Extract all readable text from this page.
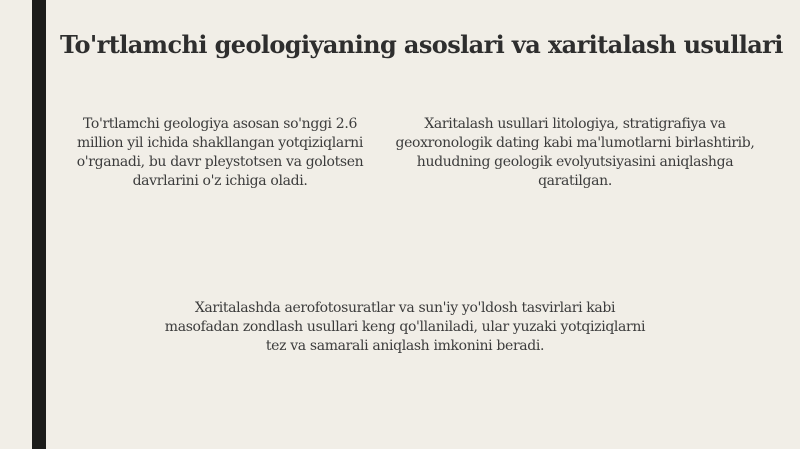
To'rtlamchi geologiyaning asoslari va xaritalash usullari

To'rtlamchi geologiya asosan so'nggi 2.6 million yil ichida shakllangan yotqiziqlarni o'rganadi, bu davr pleystotsen va golotsen davrlarini o'z ichiga oladi.

Xaritalash usullari litologiya, stratigrafiya va geoxronologik dating kabi ma'lumotlarni birlashtirib, hududning geologik evolyutsiyasini aniqlashga qaratilgan.

Xaritalashda aerofotosuratlar va sun'iy yo'ldosh tasvirlari kabi masofadan zondlash usullari keng qo'llaniladi, ular yuzaki yotqiziqlarni tez va samarali aniqlash imkonini beradi.
